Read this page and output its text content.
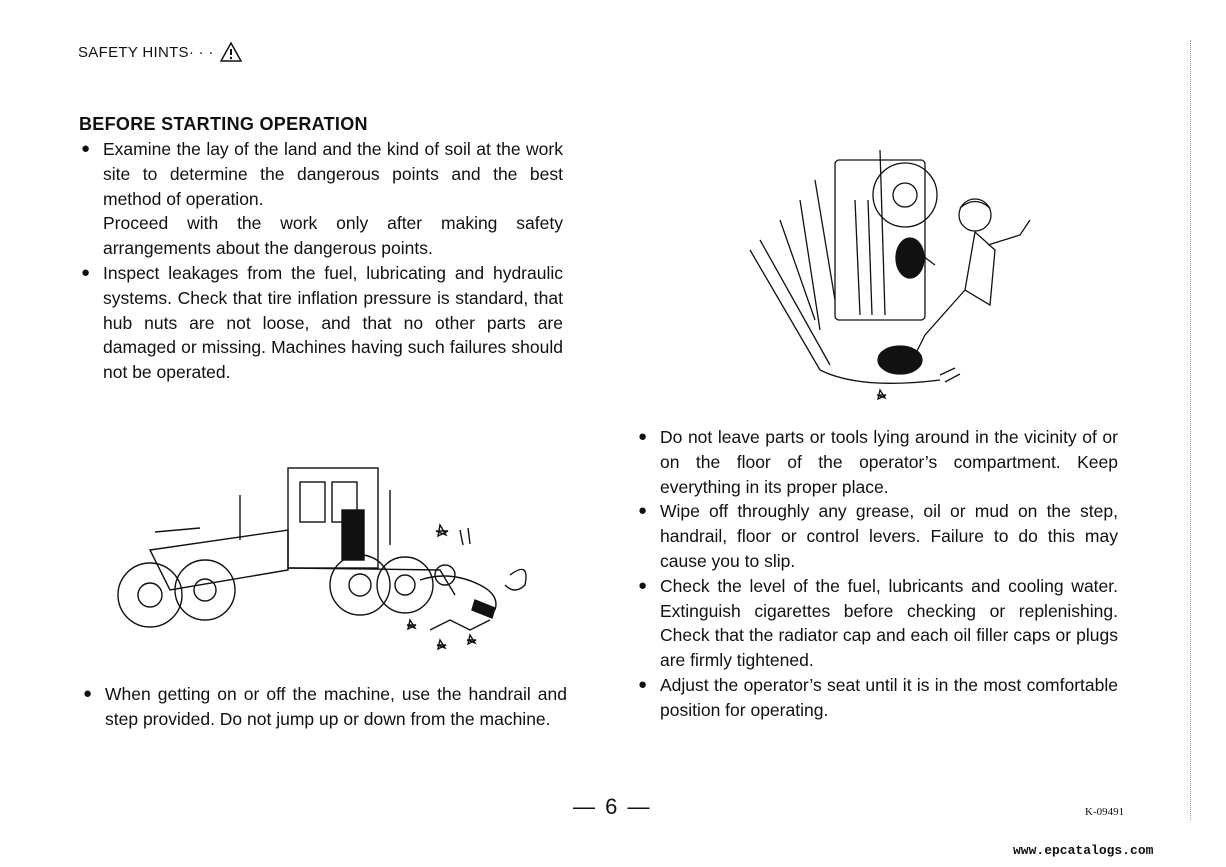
SAFETY HINTS· · ·
BEFORE STARTING OPERATION
● Examine the lay of the land and the kind of soil at the work site to determine the dangerous points and the best method of operation.
Proceed with the work only after making safety arrangements about the dangerous points.
● Inspect leakages from the fuel, lubricating and hydraulic systems. Check that tire inflation pressure is standard, that hub nuts are not loose, and that no other parts are damaged or missing. Machines having such failures should not be operated.
● When getting on or off the machine, use the handrail and step provided. Do not jump up or down from the machine.
● Do not leave parts or tools lying around in the vicinity of or on the floor of the operator’s compartment. Keep everything in its proper place.
● Wipe off throughly any grease, oil or mud on the step, handrail, floor or control levers. Failure to do this may cause you to slip.
● Check the level of the fuel, lubricants and cooling water. Extinguish cigarettes before checking or replenishing. Check that the radiator cap and each oil filler caps or plugs are firmly tightened.
● Adjust the operator’s seat until it is in the most comfortable position for operating.
— 6 —	K-09491
www.epcatalogs.com
